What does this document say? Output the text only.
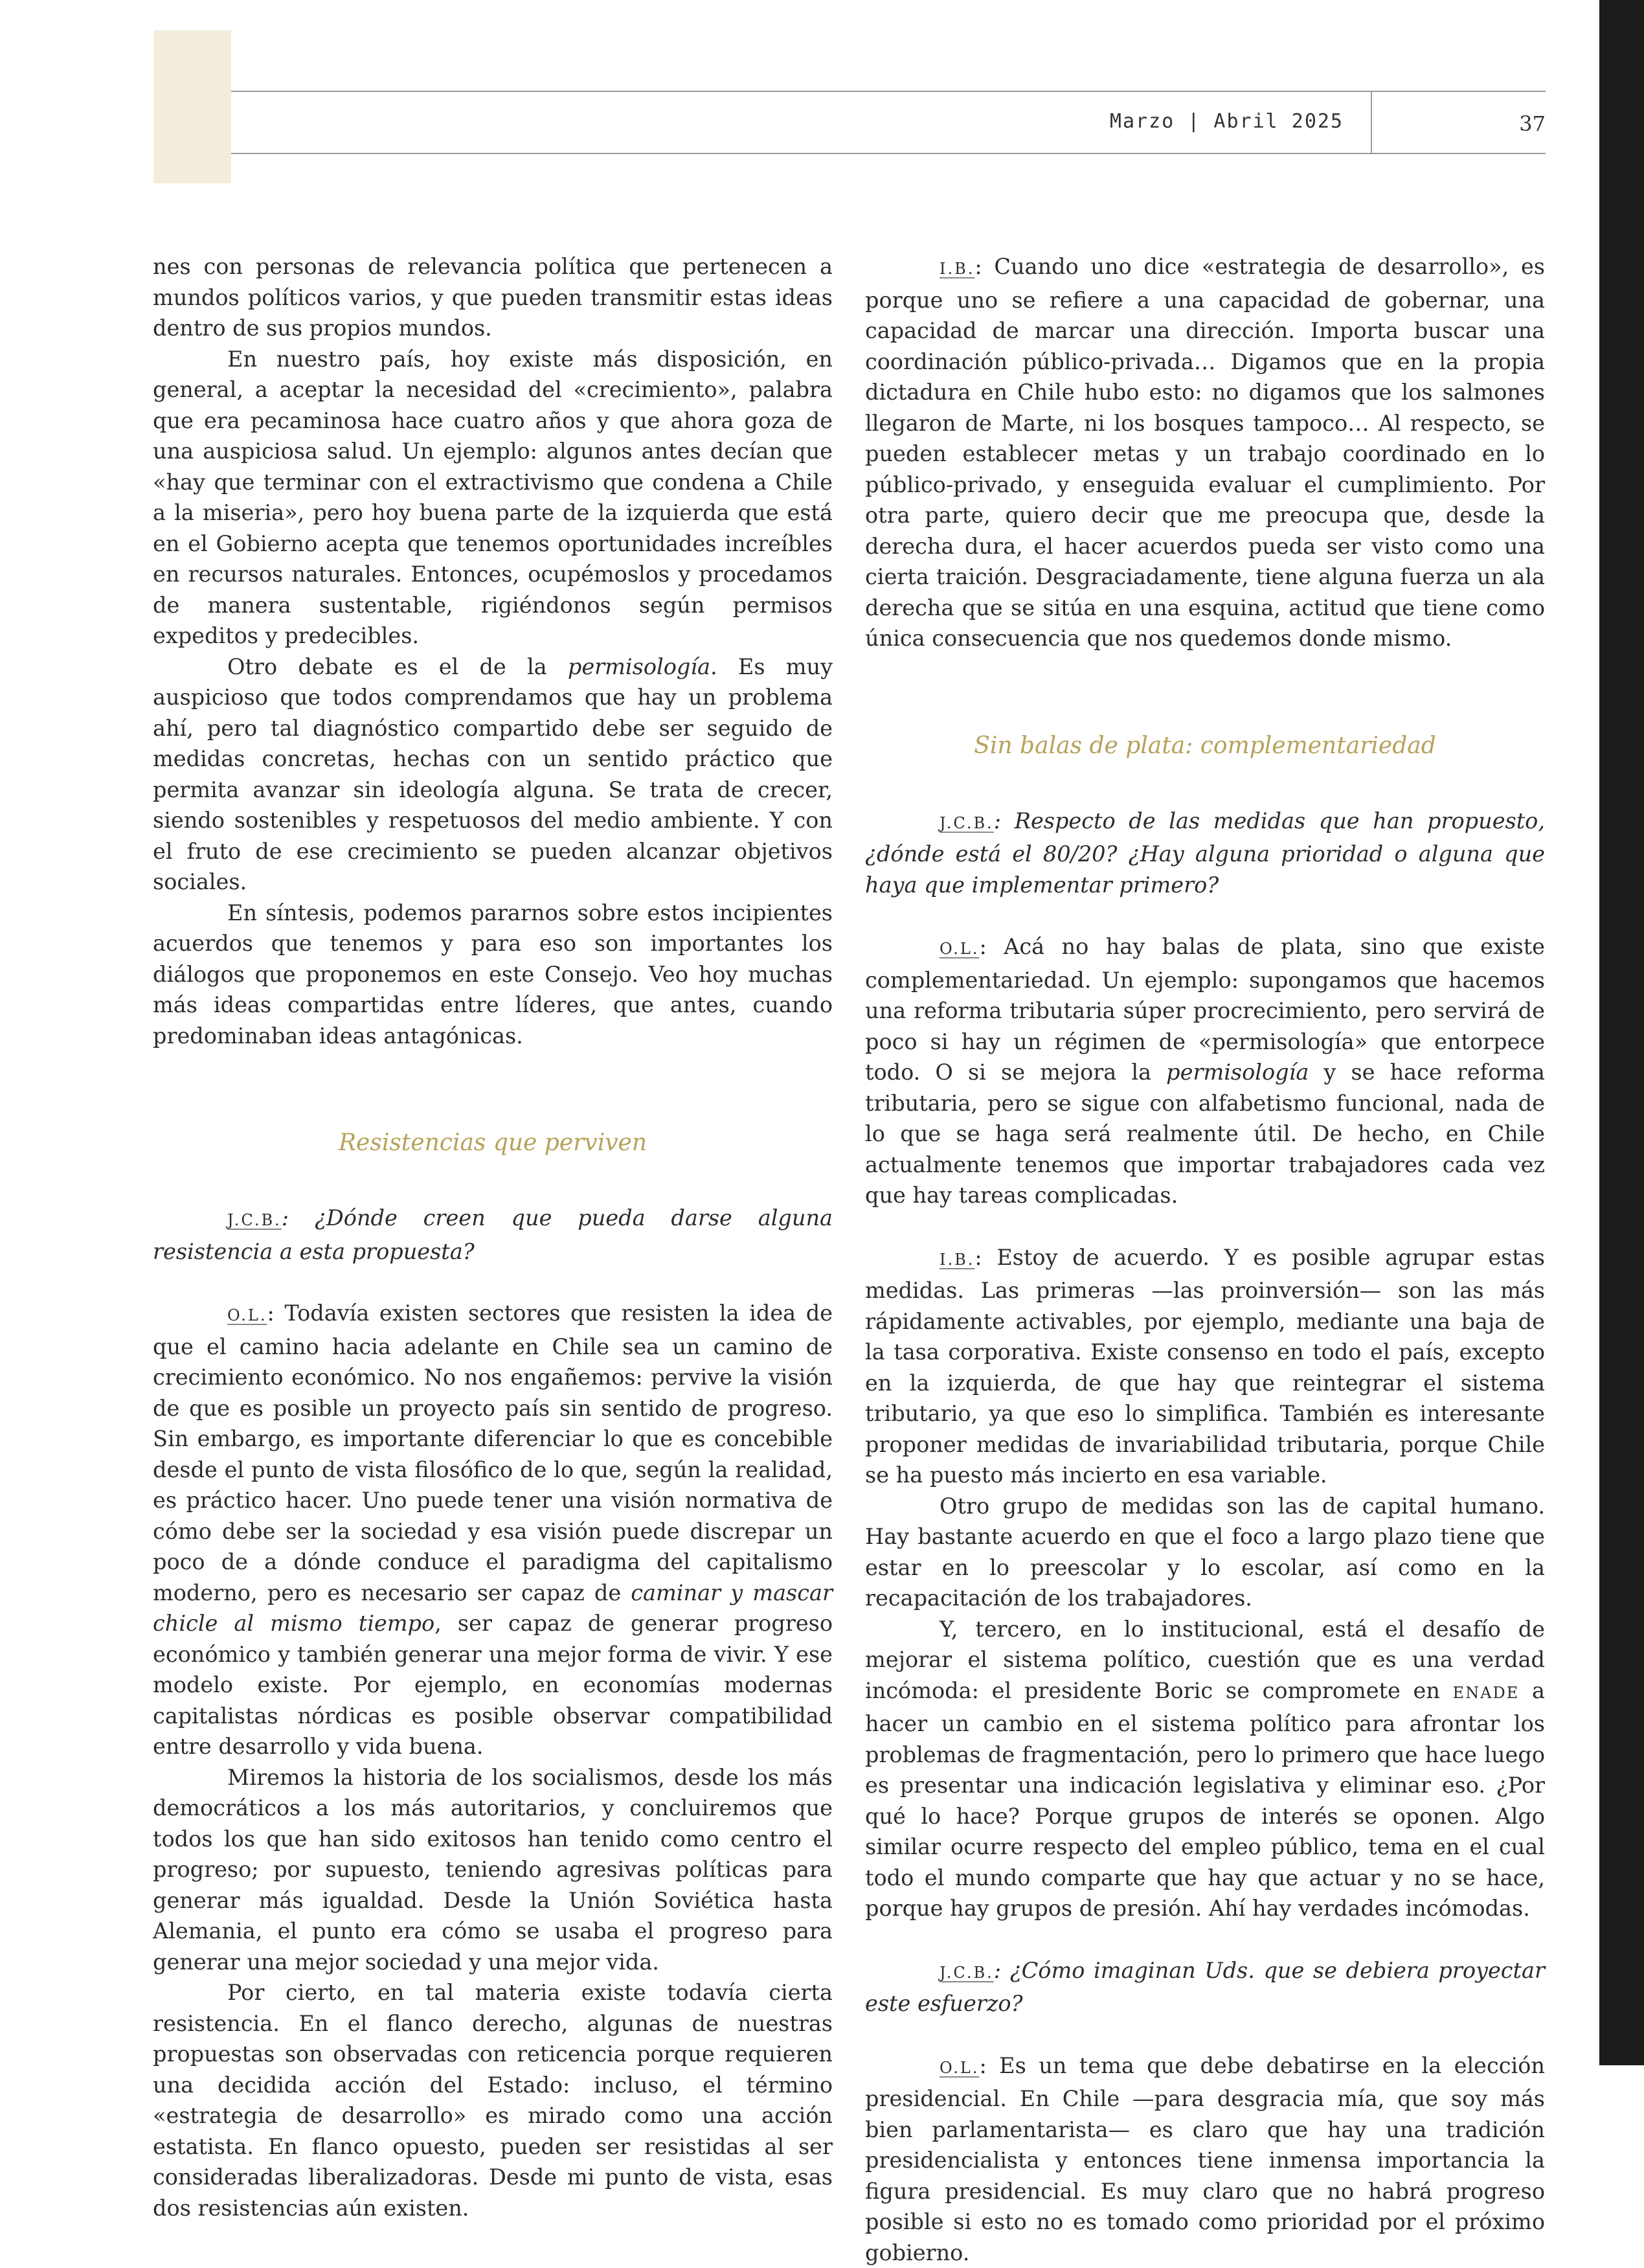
Marzo | Abril 2025	37

nes con personas de relevancia política que pertenecen a mundos políticos varios, y que pueden transmitir estas ideas dentro de sus propios mundos.

En nuestro país, hoy existe más disposición, en general, a aceptar la necesidad del «crecimiento», palabra que era pecaminosa hace cuatro años y que ahora goza de una auspiciosa salud. Un ejemplo: algunos antes decían que «hay que terminar con el extractivismo que condena a Chile a la miseria», pero hoy buena parte de la izquierda que está en el Gobierno acepta que tenemos oportunidades increíbles en recursos naturales. Entonces, ocupémoslos y procedamos de manera sustentable, rigiéndonos según permisos expeditos y predecibles.

Otro debate es el de la permisología. Es muy auspicioso que todos comprendamos que hay un problema ahí, pero tal diagnóstico compartido debe ser seguido de medidas concretas, hechas con un sentido práctico que permita avanzar sin ideología alguna. Se trata de crecer, siendo sostenibles y respetuosos del medio ambiente. Y con el fruto de ese crecimiento se pueden alcanzar objetivos sociales.

En síntesis, podemos pararnos sobre estos incipientes acuerdos que tenemos y para eso son importantes los diálogos que proponemos en este Consejo. Veo hoy muchas más ideas compartidas entre líderes, que antes, cuando predominaban ideas antagónicas.

Resistencias que perviven

J.C.B.: ¿Dónde creen que pueda darse alguna resistencia a esta propuesta?

O.L.: Todavía existen sectores que resisten la idea de que el camino hacia adelante en Chile sea un camino de crecimiento económico. No nos engañemos: pervive la visión de que es posible un proyecto país sin sentido de progreso. Sin embargo, es importante diferenciar lo que es concebible desde el punto de vista filosófico de lo que, según la realidad, es práctico hacer. Uno puede tener una visión normativa de cómo debe ser la sociedad y esa visión puede discrepar un poco de a dónde conduce el paradigma del capitalismo moderno, pero es necesario ser capaz de caminar y mascar chicle al mismo tiempo, ser capaz de generar progreso económico y también generar una mejor forma de vivir. Y ese modelo existe. Por ejemplo, en economías modernas capitalistas nórdicas es posible observar compatibilidad entre desarrollo y vida buena.

Miremos la historia de los socialismos, desde los más democráticos a los más autoritarios, y concluiremos que todos los que han sido exitosos han tenido como centro el progreso; por supuesto, teniendo agresivas políticas para generar más igualdad. Desde la Unión Soviética hasta Alemania, el punto era cómo se usaba el progreso para generar una mejor sociedad y una mejor vida.

Por cierto, en tal materia existe todavía cierta resistencia. En el flanco derecho, algunas de nuestras propuestas son observadas con reticencia porque requieren una decidida acción del Estado: incluso, el término «estrategia de desarrollo» es mirado como una acción estatista. En flanco opuesto, pueden ser resistidas al ser consideradas liberalizadoras. Desde mi punto de vista, esas dos resistencias aún existen.

I.B.: Cuando uno dice «estrategia de desarrollo», es porque uno se refiere a una capacidad de gobernar, una capacidad de marcar una dirección. Importa buscar una coordinación público-privada… Digamos que en la propia dictadura en Chile hubo esto: no digamos que los salmones llegaron de Marte, ni los bosques tampoco… Al respecto, se pueden establecer metas y un trabajo coordinado en lo público-privado, y enseguida evaluar el cumplimiento. Por otra parte, quiero decir que me preocupa que, desde la derecha dura, el hacer acuerdos pueda ser visto como una cierta traición. Desgraciadamente, tiene alguna fuerza un ala derecha que se sitúa en una esquina, actitud que tiene como única consecuencia que nos quedemos donde mismo.

Sin balas de plata: complementariedad

J.C.B.: Respecto de las medidas que han propuesto, ¿dónde está el 80/20? ¿Hay alguna prioridad o alguna que haya que implementar primero?

O.L.: Acá no hay balas de plata, sino que existe complementariedad. Un ejemplo: supongamos que hacemos una reforma tributaria súper procrecimiento, pero servirá de poco si hay un régimen de «permisología» que entorpece todo. O si se mejora la permisología y se hace reforma tributaria, pero se sigue con alfabetismo funcional, nada de lo que se haga será realmente útil. De hecho, en Chile actualmente tenemos que importar trabajadores cada vez que hay tareas complicadas.

I.B.: Estoy de acuerdo. Y es posible agrupar estas medidas. Las primeras —las proinversión— son las más rápidamente activables, por ejemplo, mediante una baja de la tasa corporativa. Existe consenso en todo el país, excepto en la izquierda, de que hay que reintegrar el sistema tributario, ya que eso lo simplifica. También es interesante proponer medidas de invariabilidad tributaria, porque Chile se ha puesto más incierto en esa variable.

Otro grupo de medidas son las de capital humano. Hay bastante acuerdo en que el foco a largo plazo tiene que estar en lo preescolar y lo escolar, así como en la recapacitación de los trabajadores.

Y, tercero, en lo institucional, está el desafío de mejorar el sistema político, cuestión que es una verdad incómoda: el presidente Boric se compromete en ENADE a hacer un cambio en el sistema político para afrontar los problemas de fragmentación, pero lo primero que hace luego es presentar una indicación legislativa y eliminar eso. ¿Por qué lo hace? Porque grupos de interés se oponen. Algo similar ocurre respecto del empleo público, tema en el cual todo el mundo comparte que hay que actuar y no se hace, porque hay grupos de presión. Ahí hay verdades incómodas.

J.C.B.: ¿Cómo imaginan Uds. que se debiera proyectar este esfuerzo?

O.L.: Es un tema que debe debatirse en la elección presidencial. En Chile —para desgracia mía, que soy más bien parlamentarista— es claro que hay una tradición presidencialista y entonces tiene inmensa importancia la figura presidencial. Es muy claro que no habrá progreso posible si esto no es tomado como prioridad por el próximo gobierno.
